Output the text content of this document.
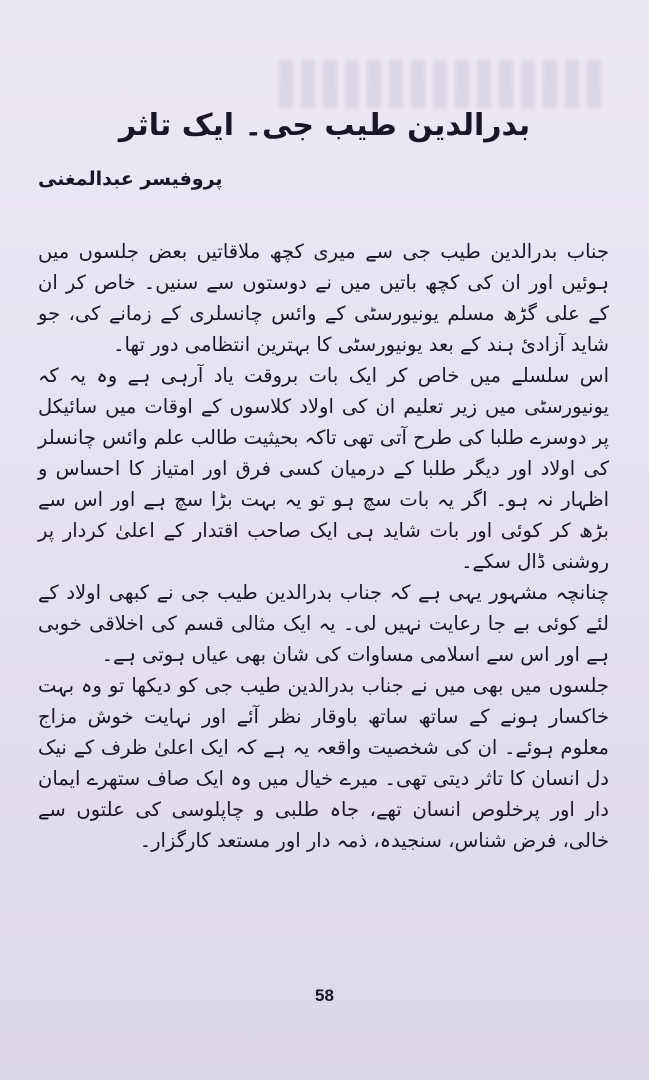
بدرالدین طیب جی۔ ایک تاثر
پروفیسر عبدالمغنی

جناب بدرالدین طیب جی سے میری کچھ ملاقاتیں بعض جلسوں میں ہوئیں اور ان کی کچھ باتیں میں نے دوستوں سے سنیں۔ خاص کر ان کے علی گڑھ مسلم یونیورسٹی کے وائس چانسلری کے زمانے کی، جو شاید آزادئ ہند کے بعد یونیورسٹی کا بہترین انتظامی دور تھا۔

اس سلسلے میں خاص کر ایک بات بروقت یاد آرہی ہے وہ یہ کہ یونیورسٹی میں زیر تعلیم ان کی اولاد کلاسوں کے اوقات میں سائیکل پر دوسرے طلبا کی طرح آتی تھی تاکہ بحیثیت طالب علم وائس چانسلر کی اولاد اور دیگر طلبا کے درمیان کسی فرق اور امتیاز کا احساس و اظہار نہ ہو۔ اگر یہ بات سچ ہو تو یہ بہت بڑا سچ ہے اور اس سے بڑھ کر کوئی اور بات شاید ہی ایک صاحب اقتدار کے اعلیٰ کردار پر روشنی ڈال سکے۔

چنانچہ مشہور یہی ہے کہ جناب بدرالدین طیب جی نے کبھی اولاد کے لئے کوئی بے جا رعایت نہیں لی۔ یہ ایک مثالی قسم کی اخلاقی خوبی ہے اور اس سے اسلامی مساوات کی شان بھی عیاں ہوتی ہے۔

جلسوں میں بھی میں نے جناب بدرالدین طیب جی کو دیکھا تو وہ بہت خاکسار ہونے کے ساتھ ساتھ باوقار نظر آئے اور نہایت خوش مزاج معلوم ہوئے۔ ان کی شخصیت واقعہ یہ ہے کہ ایک اعلیٰ ظرف کے نیک دل انسان کا تاثر دیتی تھی۔ میرے خیال میں وہ ایک صاف ستھرے ایمان دار اور پرخلوص انسان تھے، جاہ طلبی و چاپلوسی کی علتوں سے خالی، فرض شناس، سنجیدہ، ذمہ دار اور مستعد کارگزار۔

58
